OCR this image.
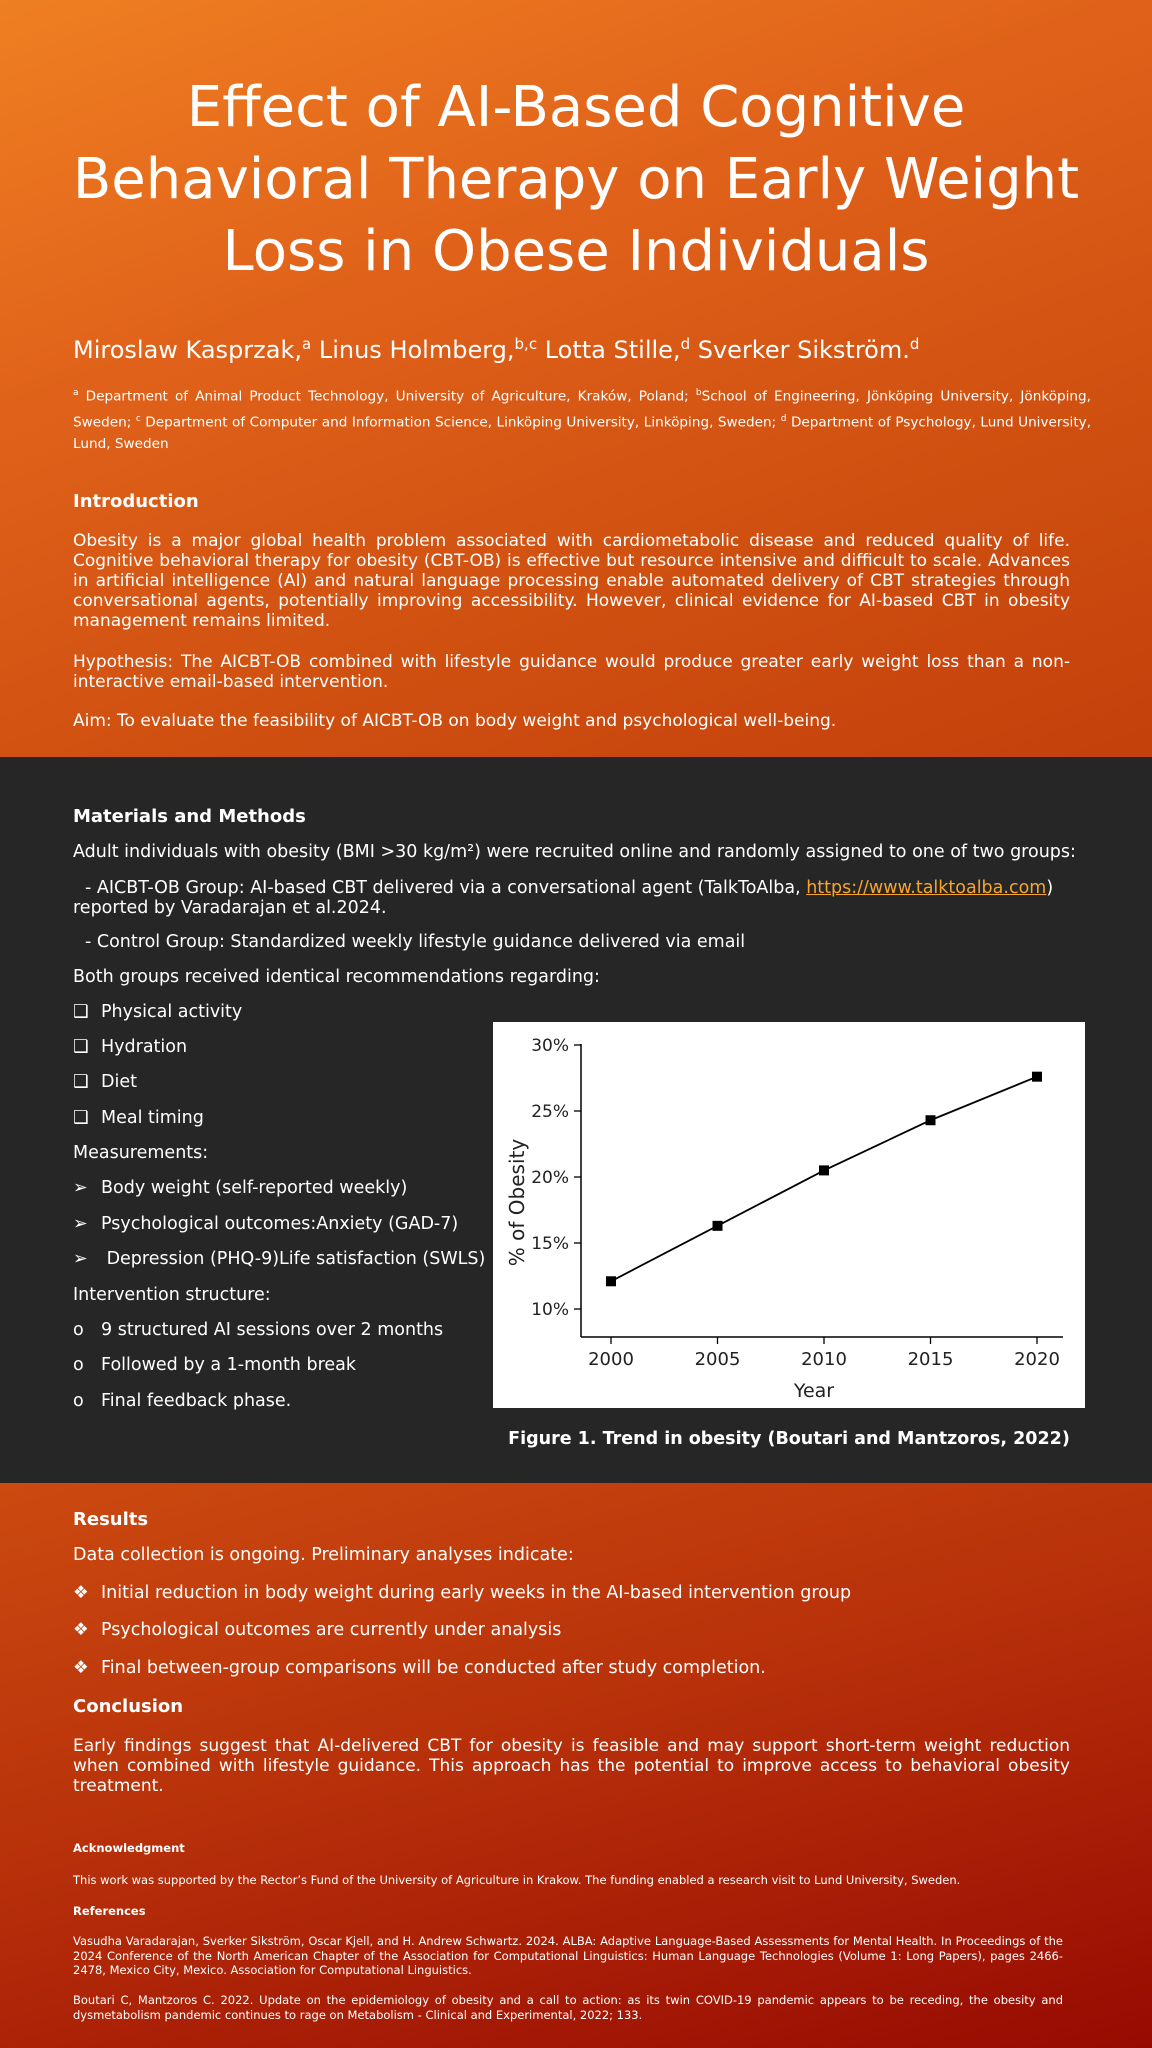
Effect of AI-Based Cognitive Behavioral Therapy on Early Weight Loss in Obese Individuals
Miroslaw Kasprzak,$^a$ Linus Holmberg,$^{b,c}$ Lotta Stille,$^d$ Sverker Sikström.$^d$
$^a$ Department of Animal Product Technology, University of Agriculture, Kraków, Poland; $^b$School of Engineering, Jönköping University, Jönköping, Sweden; $^c$ Department of Computer and Information Science, Linköping University, Linköping, Sweden; $^d$ Department of Psychology, Lund University, Lund, Sweden
Introduction

Obesity is a major global health problem associated with cardiometabolic disease and reduced quality of life. Cognitive behavioral therapy for obesity (CBT-OB) is effective but resource intensive and difficult to scale. Advances in artificial intelligence (AI) and natural language processing enable automated delivery of CBT strategies through conversational agents, potentially improving accessibility. However, clinical evidence for AI-based CBT in obesity management remains limited.

Hypothesis: The AICBT-OB combined with lifestyle guidance would produce greater early weight loss than a non-interactive email-based intervention.

Aim: To evaluate the feasibility of AICBT-OB on body weight and psychological well-being.

Materials and Methods
Adult individuals with obesity (BMI >30 kg/m²) were recruited online and randomly assigned to one of two groups:
- AICBT-OB Group: AI-based CBT delivered via a conversational agent (TalkToAlba, https://www.talktoalba.com)
reported by Varadarajan et al.2024.
- Control Group: Standardized weekly lifestyle guidance delivered via email
Both groups received identical recommendations regarding:
❑ Physical activity
❑ Hydration
❑ Diet
❑ Meal timing
Measurements:
➢ Body weight (self-reported weekly)
➢ Psychological outcomes:Anxiety (GAD-7)
➢ Depression (PHQ-9)Life satisfaction (SWLS)
Intervention structure:
o 9 structured AI sessions over 2 months
o Followed by a 1-month break
o Final feedback phase.
10%
15%
20%
25%
30%
2000	2005	2010	2015	2020
Year
% of Obesity
Figure 1. Trend in obesity (Boutari and Mantzoros, 2022)
Results
Data collection is ongoing. Preliminary analyses indicate:
❖ Initial reduction in body weight during early weeks in the AI-based intervention group
❖ Psychological outcomes are currently under analysis
❖ Final between-group comparisons will be conducted after study completion.
Conclusion

Early findings suggest that AI-delivered CBT for obesity is feasible and may support short-term weight reduction when combined with lifestyle guidance. This approach has the potential to improve access to behavioral obesity treatment.

Acknowledgment

This work was supported by the Rector’s Fund of the University of Agriculture in Krakow. The funding enabled a research visit to Lund University, Sweden.

References

Vasudha Varadarajan, Sverker Sikström, Oscar Kjell, and H. Andrew Schwartz. 2024. ALBA: Adaptive Language-Based Assessments for Mental Health. In Proceedings of the 2024 Conference of the North American Chapter of the Association for Computational Linguistics: Human Language Technologies (Volume 1: Long Papers), pages 2466-2478, Mexico City, Mexico. Association for Computational Linguistics.

Boutari C, Mantzoros C. 2022. Update on the epidemiology of obesity and a call to action: as its twin COVID-19 pandemic appears to be receding, the obesity and dysmetabolism pandemic continues to rage on Metabolism - Clinical and Experimental, 2022; 133.
